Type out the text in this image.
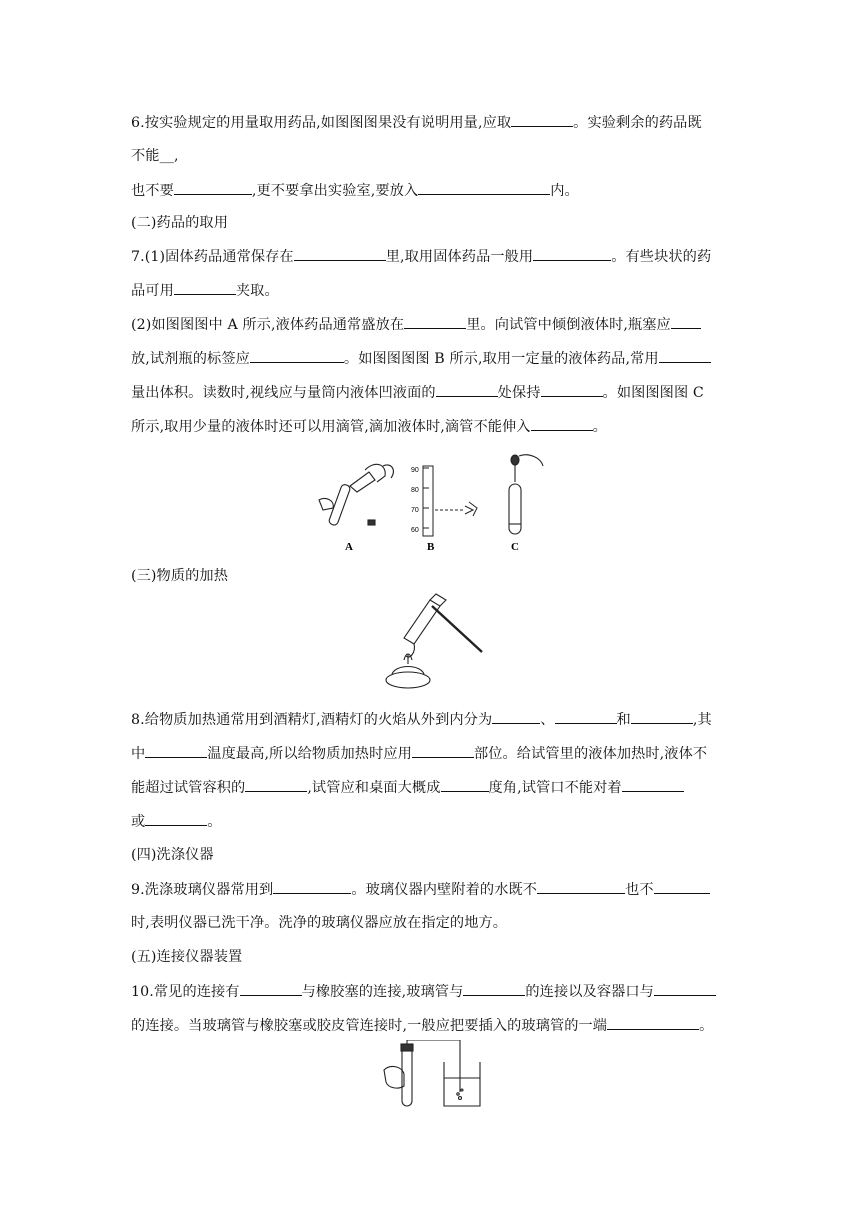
6.按实验规定的用量取用药品,如图图图果没有说明用量,应取	。实验剩余的药品既
不能__,
也不要	,更不要拿出实验室,要放入	内。
(二)药品的取用
7.(1)固体药品通常保存在	里,取用固体药品一般用	。有些块状的药
品可用	夹取。
(2)如图图图中 A 所示,液体药品通常盛放在	里。向试管中倾倒液体时,瓶塞应
放,试剂瓶的标签应	。如图图图图 B 所示,取用一定量的液体药品,常用
量出体积。读数时,视线应与量筒内液体凹液面的	处保持	。如图图图图 C
所示,取用少量的液体时还可以用滴管,滴加液体时,滴管不能伸入	。
A
90
80
70
60
B	C
(三)物质的加热
8.给物质加热通常用到酒精灯,酒精灯的火焰从外到内分为	、	和	,其
中	温度最高,所以给物质加热时应用	部位。给试管里的液体加热时,液体不
能超过试管容积的	,试管应和桌面大概成	度角,试管口不能对着
或	。
(四)洗涤仪器
9.洗涤玻璃仪器常用到	。玻璃仪器内壁附着的水既不	也不
时,表明仪器已洗干净。洗净的玻璃仪器应放在指定的地方。
(五)连接仪器装置
10.常见的连接有	与橡胶塞的连接,玻璃管与	的连接以及容器口与
的连接。当玻璃管与橡胶塞或胶皮管连接时,一般应把要插入的玻璃管的一端	。
